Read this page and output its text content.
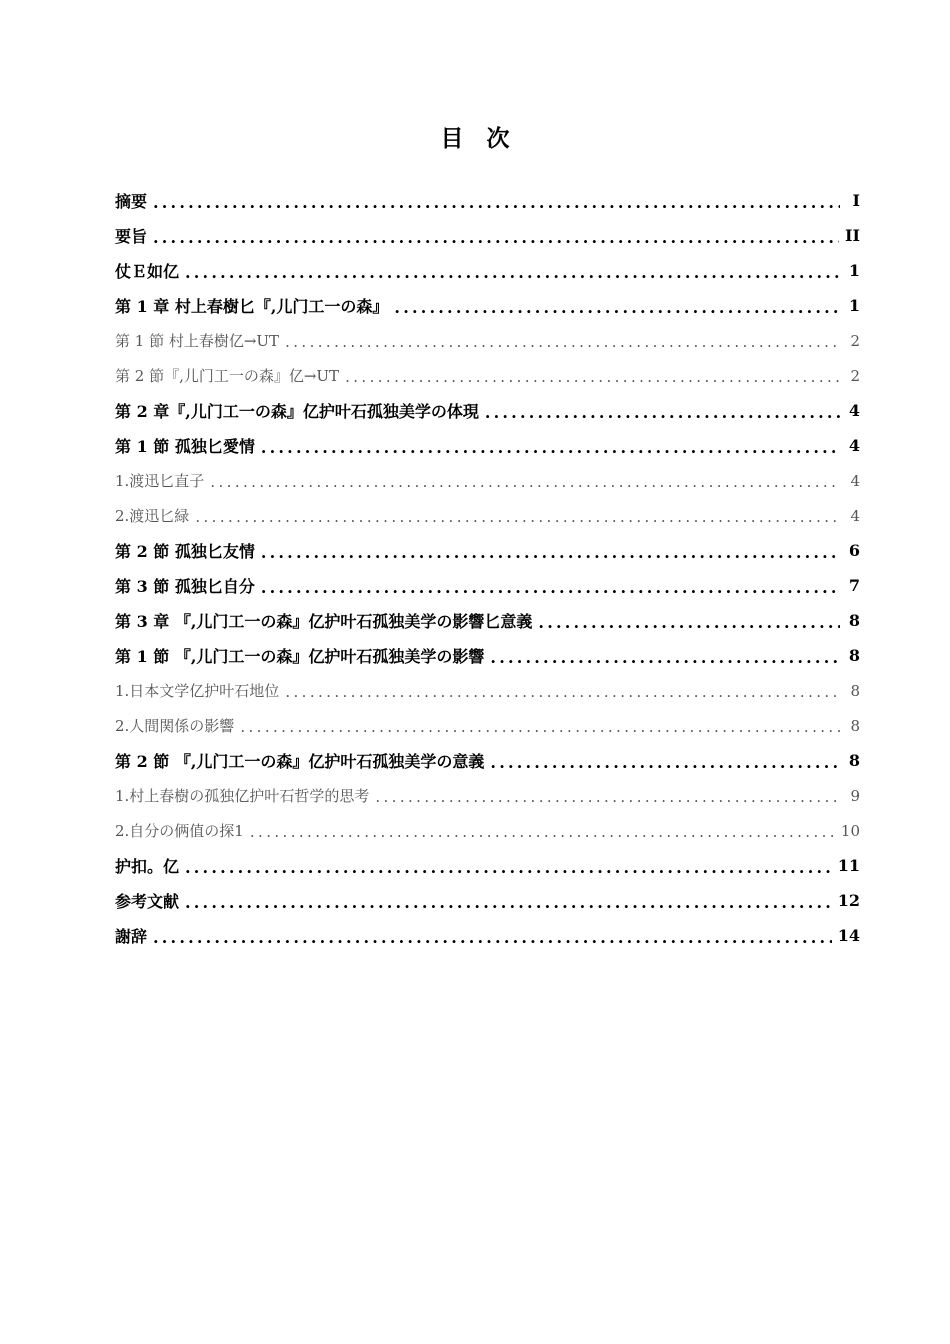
目　次
摘要 .....	I
要旨 .....	II
仗Ｅ如亿 .....	1
第 1 章 村上春樹匕『,儿门工一の森』 .....	1
第 1 節 村上春樹亿→UT .....	2
第 2 節『,儿门工一の森』亿→UT .....	2
第 2 章『,儿门工一の森』亿护叶石孤独美学の体現 .....	4
第 1 節 孤独匕愛情 .....	4
1.渡迅匕直子 .....	4
2.渡迅匕緑 .....	4
第 2 節 孤独匕友情 .....	6
第 3 節 孤独匕自分 .....	7
第 3 章 『,儿门工一の森』亿护叶石孤独美学の影響匕意義 .....	8
第 1 節 『,儿门工一の森』亿护叶石孤独美学の影響 .....	8
1.日本文学亿护叶石地位 .....	8
2.人間関係の影響 .....	8
第 2 節 『,儿门工一の森』亿护叶石孤独美学の意義 .....	8
1.村上春樹の孤独亿护叶石哲学的思考 .....	9
2.自分の俩值の探1 .....	10
护扣。亿 .....	11
参考文献 .....	12
謝辞 .....	14
